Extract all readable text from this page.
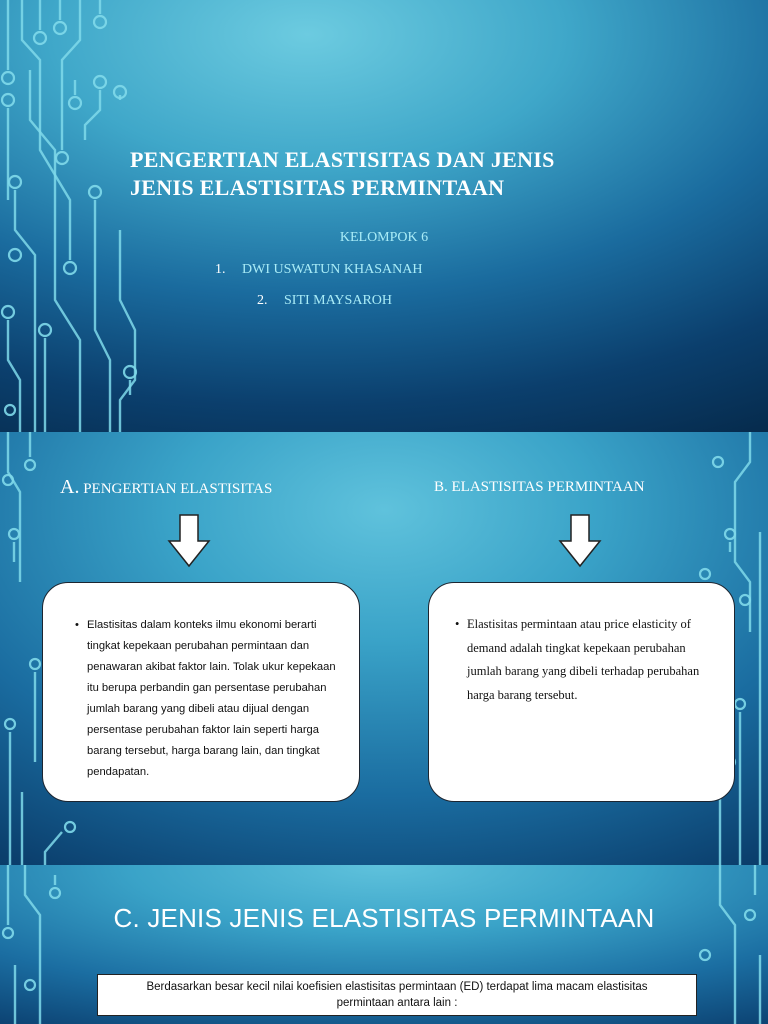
PENGERTIAN ELASTISITAS DAN JENIS
JENIS ELASTISITAS PERMINTAAN
KELOMPOK 6
1. DWI USWATUN KHASANAH
2. SITI MAYSAROH
A. PENGERTIAN ELASTISITAS	B. ELASTISITAS PERMINTAAN
• Elastisitas dalam konteks ilmu ekonomi berarti tingkat kepekaan perubahan permintaan dan penawaran akibat faktor lain. Tolak ukur kepekaan itu berupa perbandin gan persentase perubahan jumlah barang yang dibeli atau dijual dengan persentase perubahan faktor lain seperti harga barang tersebut, harga barang lain, dan tingkat pendapatan.
• Elastisitas permintaan atau price elasticity of demand adalah tingkat kepekaan perubahan jumlah barang yang dibeli terhadap perubahan harga barang tersebut.
C. JENIS JENIS ELASTISITAS PERMINTAAN
Berdasarkan besar kecil nilai koefisien elastisitas permintaan (ED) terdapat lima macam elastisitas
permintaan antara lain :
